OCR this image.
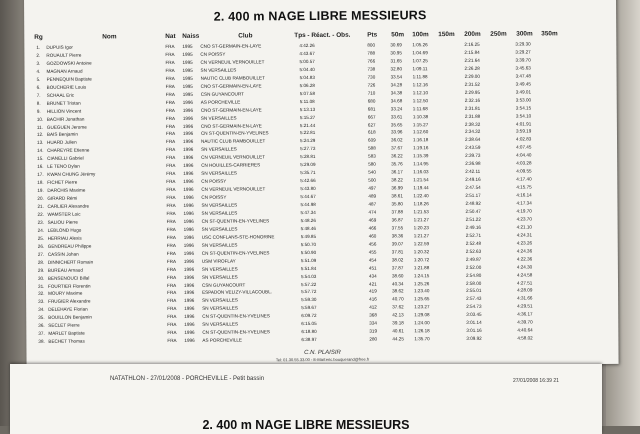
2. 400 m NAGE LIBRE MESSIEURS
Rg	Nom	Nat Naiss	Club	Tps - Réact. - Obs.	Pts 50m 100m 150m 200m 250m 300m 350m
1. DUPUIS Igor	FRA 1995 CNO ST-GERMAIN-EN-LAYE	4:42.26	800	30.69 1:05.26	2:16.25	3:29.30
2. ROUAULT Pierre	FRA 1995 CN POISSY	4:43.67	788	30.95 1:04.69	2:15.84	3:29.27
3. GOZDOWSKI Antoine	FRA 1995 CN VERNEUIL VERNOUILLET	5:00.57	766	31.65 1:07.25	2:21.64	3:39.70
4. MAGNAN Arnaud	FRA 1995 SN VERSAILLES	5:04.40	738	32.80 1:09.11	2:26.28	3:45.63
5. PENNEQUIN Baptiste	FRA 1995 NAUTIC CLUB RAMBOUILLET	5:04.83	730	33.54 1:11.88	2:29.00	3:47.48
6. BOUCHERIE Louis	FRA 1995 CNO ST-GERMAIN-EN-LAYE	5:06.28	726	34.28 1:12.16	2:31.52	3:49.45
7. SCHAAL Eric	FRA 1995 CSN GUYANCOURT	5:07.58	710	34.38 1:12.10	2:29.95	3:49.01
8. BRUNET Tristan	FRA 1996 AS PORCHEVILLE	5:11.08	680	34.68 1:12.50	2:32.16	3:53.00
9. HILLION Vincent	FRA 1996 CNO ST-GERMAIN-EN-LAYE	5:13.13	681	33.24 1:11.68	2:31.81	3:54.15
10. BACHIR Jonathan	FRA 1996 SN VERSAILLES	5:15.27	667	33.61 1:10.38	2:31.88	3:54.10
11. GUEGUEN Jerome	FRA 1996 CNO ST-GERMAIN-EN-LAYE	5:21.44	627	35.65 1:15.27	2:38.32	4:01.91
12. BAIS Benjamin	FRA 1996 CN ST-QUENTIN-EN-YVELINES	5:22.81	618	33.96 1:12.60	2:34.32	3:59.19
13. HUARD Julien	FRA 1996 NAUTIC CLUB RAMBOUILLET	5:24.29	609	36.02 1:16.18	2:38.64	4:02.83
14. CHAREYRE Etienne	FRA 1996 SN VERSAILLES	5:27.73	588	37.67 1:19.16	2:43.59	4:07.45
15. CIANELLI Gabriel	FRA 1996 CN VERNEUIL VERNOUILLET	5:28.81	583	36.22 1:15.39	2:39.73	4:04.40
16. LE TENO Dylan	FRA 1996 CN HOUILLES-CARRIERES	5:29.09	580	35.76 1:14.95	2:36.98	4:03.28
17. KWAN CHUNG Jérémy	FRA 1996 SN VERSAILLES	5:35.71	540	36.17 1:16.03	2:42.11	4:09.55
18. FICHET Pierre	FRA 1996 CN POISSY	5:42.66	500	38.22 1:21.54	2:49.16	4:17.40
19. DARCHIS Maxime	FRA 1996 CN VERNEUIL VERNOUILLET	5:43.80	497	36.99 1:19.44	2:47.54	4:15.75
20. GIRARD Rémi	FRA 1996 CN POISSY	5:44.67	489	38.61 1:22.40	2:51.17	4:16.14
21. CARLIER Alexandre	FRA 1996 SN VERSAILLES	5:44.98	487	35.80 1:18.26	2:48.92	4:17.34
22. WAMSTER Loic	FRA 1996 SN VERSAILLES	5:47.34	474	37.88 1:21.53	2:50.47	4:19.70
23. SALIOU Pierre	FRA 1996 CN ST-QUENTIN-EN-YVELINES	5:48.26	469	36.87 1:21.27	2:51.22	4:23.70
24. LEBLOND Hugo	FRA 1996 SN VERSAILLES	5:48.46	466	37.55 1:20.23	2:49.16	4:21.10
25. HERRIAU Alexis	FRA 1996 USC CONFLANS-STE-HONORINE	5:49.85	460	38.36 1:21.27	2:52.71	4:24.31
26. GENDREAU Philippe	FRA 1996 SN VERSAILLES	5:50.70	456	39.07 1:22.59	2:52.48	4:23.26
27. CASSIN Johan	FRA 1996 CN ST-QUENTIN-EN-YVELINES	5:50.90	455	37.81 1:20.32	2:52.63	4:24.36
28. DINNICHERT Romain	FRA 1996 USM VIROFLAY	5:51.09	454	38.02 1:20.72	2:49.87	4:22.36
29. BUREAU Arnaud	FRA 1996 SN VERSAILLES	5:51.84	451	37.87 1:21.88	2:52.00	4:24.30
30. BENSENOUCI Billal	FRA 1996 SN VERSAILLES	5:54.03	434	38.60 1:24.15	2:54.80	4:24.58
31. FOURTIER Florentin	FRA 1996 CSN GUYANCOURT	5:57.22	421	40.34 1:25.26	2:58.00	4:27.51
32. MOURY Maxime	FRA 1996 ESPADON VELIZY-VILLACOUBL.	5:57.72	419	38.62 1:23.40	2:55.01	4:28.09
33. FRUGIER Alexandre	FRA 1996 SN VERSAILLES	5:59.30	416	40.70 1:25.65	2:57.43	4:31.66
34. DELEHAYE Florian	FRA 1996 SN VERSAILLES	5:59.67	412	37.62 1:23.27	2:54.73	4:29.51
35. BOUILLON Benjamin	FRA 1996 CN ST-QUENTIN-EN-YVELINES	6:09.72	368	42.13 1:29.08	3:03.45	4:36.17
36. SECLET Pierre	FRA 1996 SN VERSAILLES	6:15.05	334	39.18 1:24.00	3:01.14	4:39.70
37. MARLET Baptiste	FRA 1996 CN ST-QUENTIN-EN-YVELINES	6:18.80	319	40.61 1:26.18	3:01.16	4:40.64
38. BECHET Thomas	FRA 1996 AS PORCHEVILLE	6:38.97	280	44.25 1:35.70	3:09.92	4:58.02
C.N. PLAISIR
Tel: 01.30.55.33.00 - E-Mail:eric.bouquerand@free.fr
NATATHLON - 27/01/2008 - PORCHEVILLE - Petit bassin	27/01/2008 16:39 21
2. 400 m NAGE LIBRE MESSIEURS
